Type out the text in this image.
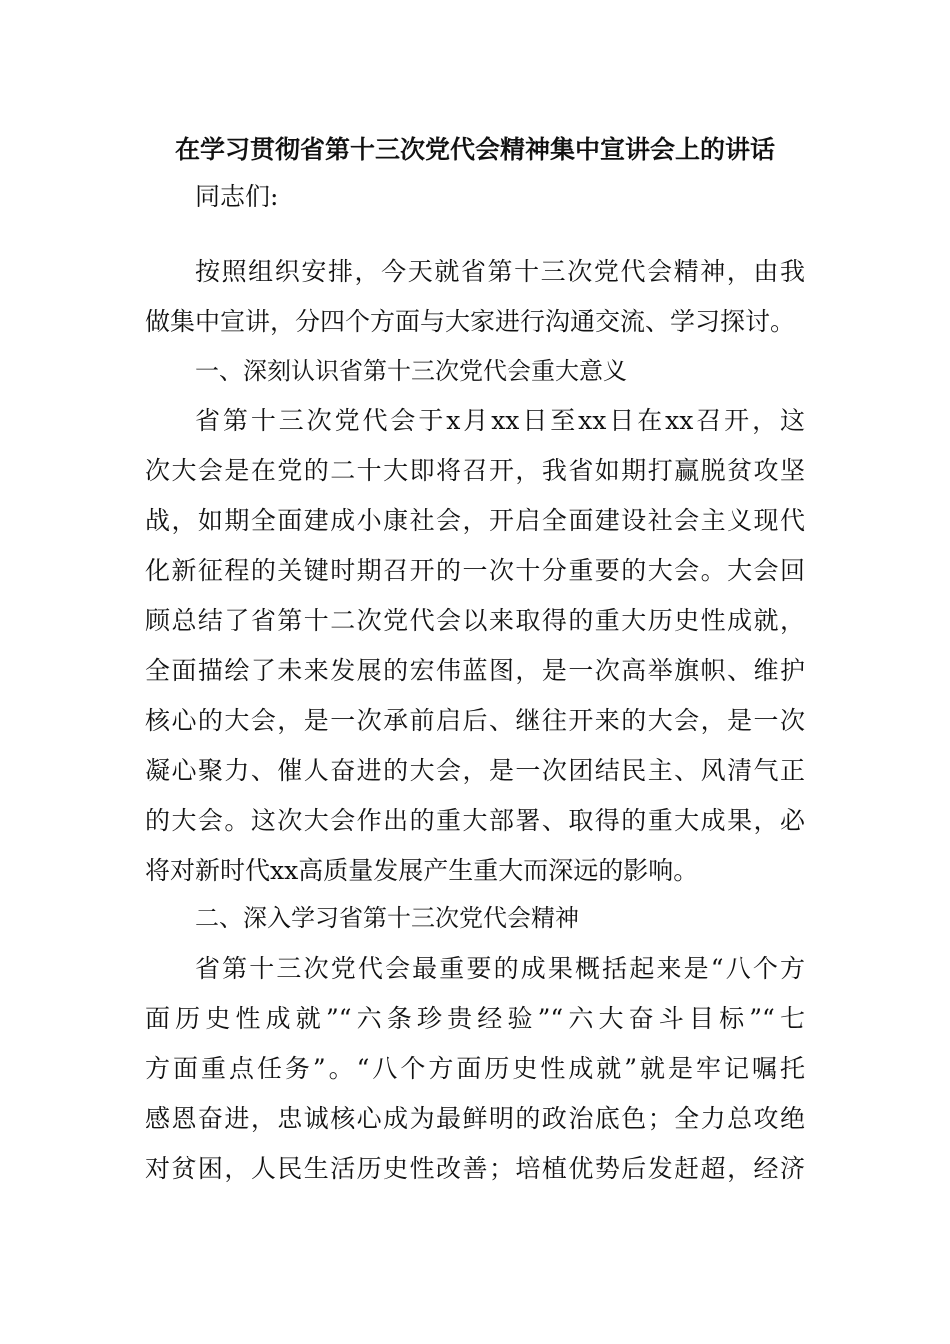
在学习贯彻省第十三次党代会精神集中宣讲会上的讲话
同志们:
按照组织安排，今天就省第十三次党代会精神，由我
做集中宣讲，分四个方面与大家进行沟通交流、学习探讨。
一、深刻认识省第十三次党代会重大意义
省第十三次党代会于x月xx日至xx日在xx召开，这
次大会是在党的二十大即将召开，我省如期打赢脱贫攻坚
战，如期全面建成小康社会，开启全面建设社会主义现代
化新征程的关键时期召开的一次十分重要的大会。大会回
顾总结了省第十二次党代会以来取得的重大历史性成就，
全面描绘了未来发展的宏伟蓝图，是一次高举旗帜、维护
核心的大会，是一次承前启后、继往开来的大会，是一次
凝心聚力、催人奋进的大会，是一次团结民主、风清气正
的大会。这次大会作出的重大部署、取得的重大成果，必
将对新时代xx高质量发展产生重大而深远的影响。
二、深入学习省第十三次党代会精神
省第十三次党代会最重要的成果概括起来是“八个方
面历史性成就”“六条珍贵经验”“六大奋斗目标”“七
方面重点任务”。“八个方面历史性成就”就是牢记嘱托
感恩奋进，忠诚核心成为最鲜明的政治底色；全力总攻绝
对贫困，人民生活历史性改善；培植优势后发赶超，经济
